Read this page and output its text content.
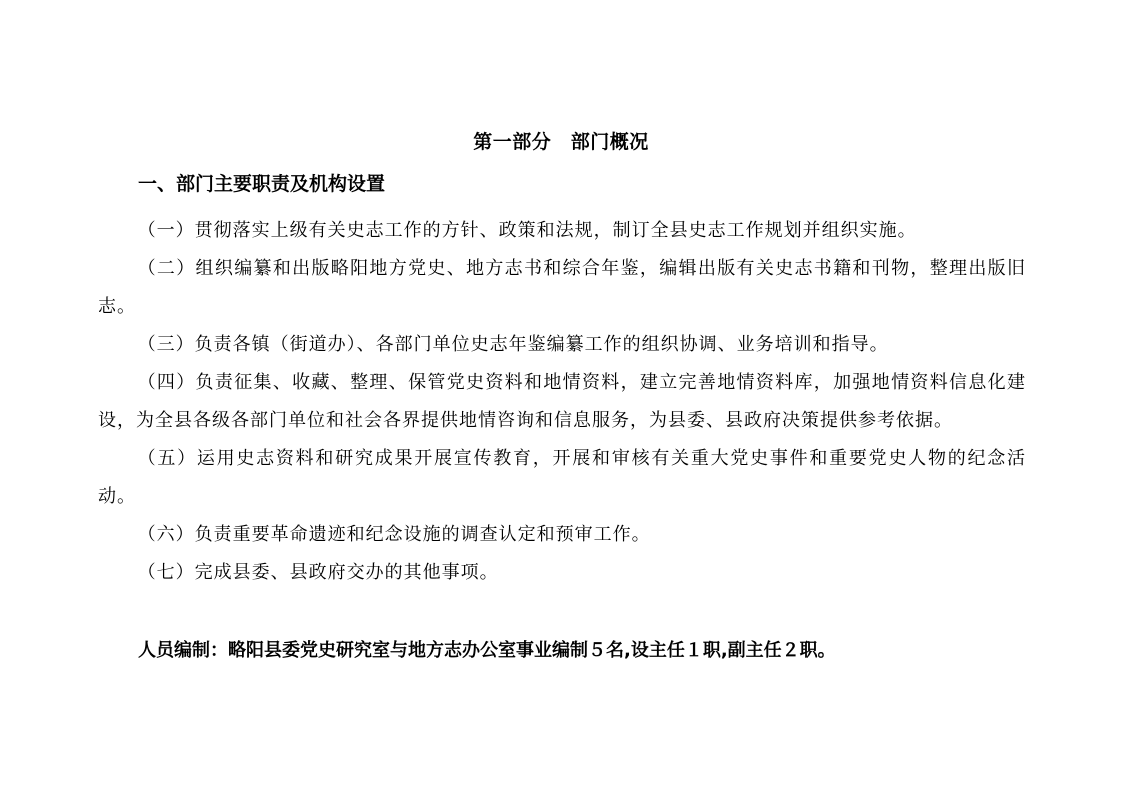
第一部分　部门概况
一、部门主要职责及机构设置
（一）贯彻落实上级有关史志工作的方针、政策和法规，制订全县史志工作规划并组织实施。
（二）组织编纂和出版略阳地方党史、地方志书和综合年鉴，编辑出版有关史志书籍和刊物，整理出版旧志。
（三）负责各镇（街道办）、各部门单位史志年鉴编纂工作的组织协调、业务培训和指导。
（四）负责征集、收藏、整理、保管党史资料和地情资料，建立完善地情资料库，加强地情资料信息化建设，为全县各级各部门单位和社会各界提供地情咨询和信息服务，为县委、县政府决策提供参考依据。
（五）运用史志资料和研究成果开展宣传教育，开展和审核有关重大党史事件和重要党史人物的纪念活动。
（六）负责重要革命遗迹和纪念设施的调查认定和预审工作。
（七）完成县委、县政府交办的其他事项。
人员编制：略阳县委党史研究室与地方志办公室事业编制５名,设主任１职,副主任２职。
